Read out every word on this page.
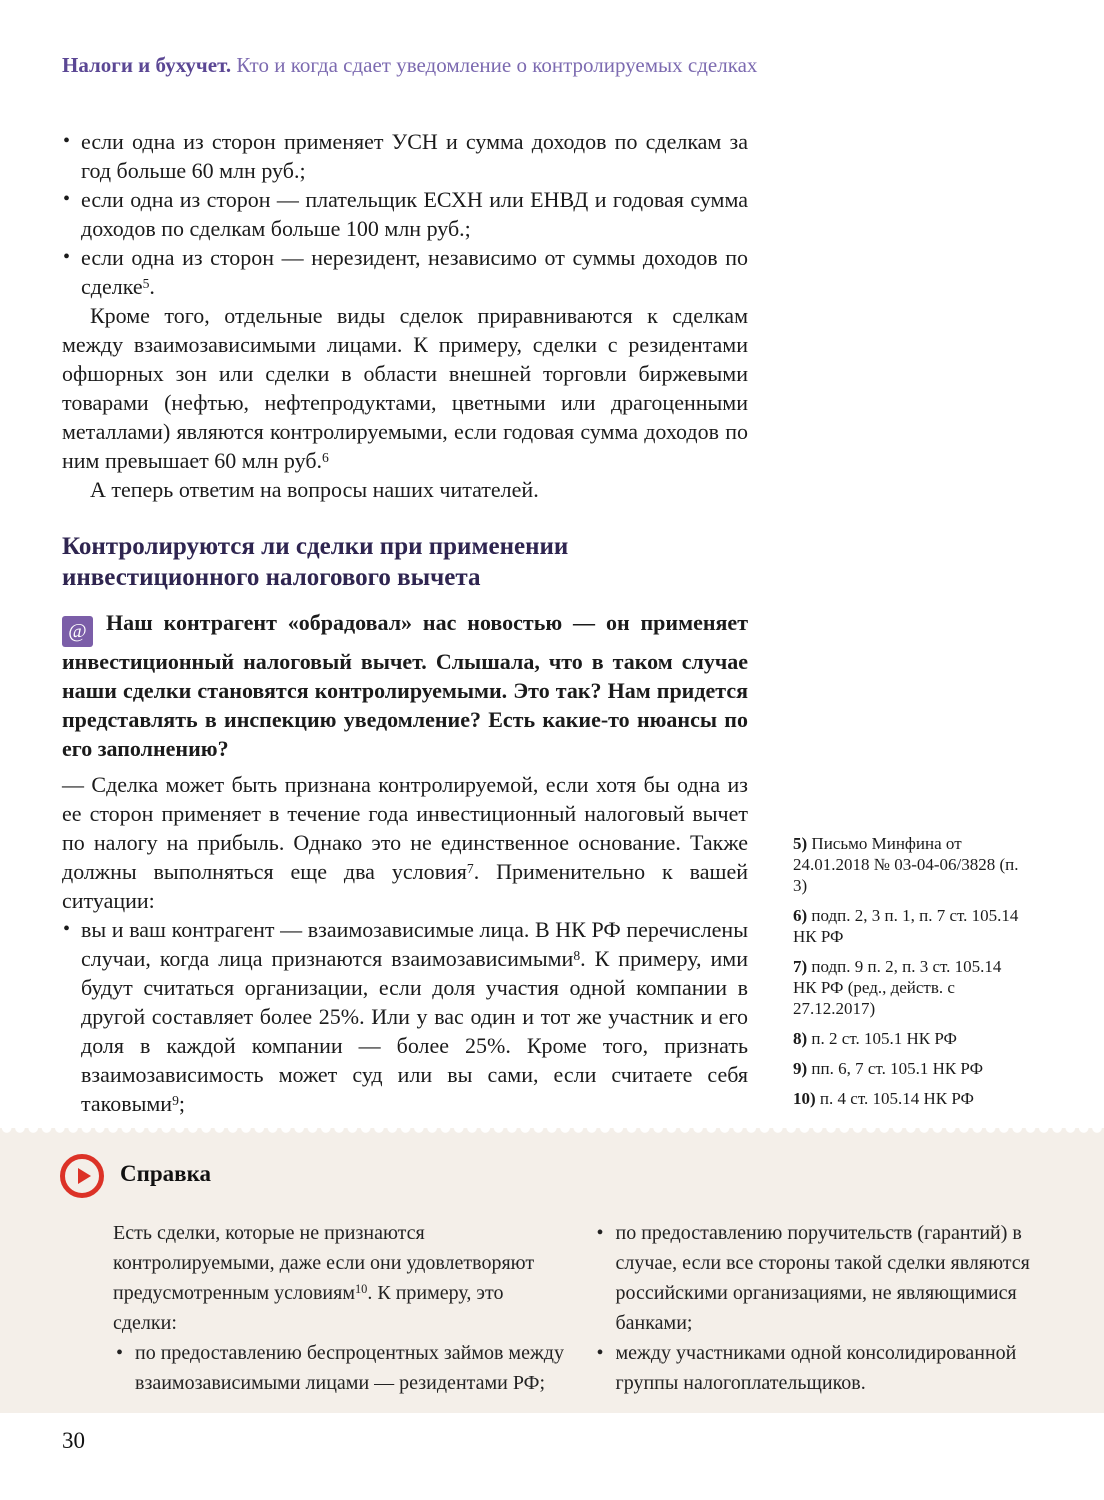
Налоги и бухучет. Кто и когда сдает уведомление о контролируемых сделках
• если одна из сторон применяет УСН и сумма доходов по сделкам за год больше 60 млн руб.;
• если одна из сторон — плательщик ЕСХН или ЕНВД и годовая сумма доходов по сделкам больше 100 млн руб.;
• если одна из сторон — нерезидент, независимо от суммы доходов по сделке$^5$.

Кроме того, отдельные виды сделок приравниваются к сделкам между взаимозависимыми лицами. К примеру, сделки с резидентами офшорных зон или сделки в области внешней торговли биржевыми товарами (нефтью, нефтепродуктами, цветными или драгоценными металлами) являются контролируемыми, если годовая сумма доходов по ним превышает 60 млн руб.$^6$

А теперь ответим на вопросы наших читателей.

Контролируются ли сделки при применении инвестиционного налогового вычета

@ Наш контрагент «обрадовал» нас новостью — он применяет инвестиционный налоговый вычет. Слышала, что в таком случае наши сделки становятся контролируемыми. Это так? Нам придется представлять в инспекцию уведомление? Есть какие-то нюансы по его заполнению?

— Сделка может быть признана контролируемой, если хотя бы одна из ее сторон применяет в течение года инвестиционный налоговый вычет по налогу на прибыль. Однако это не единственное основание. Также должны выполняться еще два условия$^7$. Применительно к вашей ситуации:

• вы и ваш контрагент — взаимозависимые лица. В НК РФ перечислены случаи, когда лица признаются взаимозависимыми$^8$. К примеру, ими будут считаться организации, если доля участия одной компании в другой составляет более 25%. Или у вас один и тот же участник и его доля в каждой компании — более 25%. Кроме того, признать взаимозависимость может суд или вы сами, если считаете себя таковыми$^9$;
5) Письмо Минфина от 24.01.2018 № 03-04-06/3828 (п. 3)
6) подп. 2, 3 п. 1, п. 7 ст. 105.14 НК РФ
7) подп. 9 п. 2, п. 3 ст. 105.14 НК РФ (ред., действ. с 27.12.2017)
8) п. 2 ст. 105.1 НК РФ
9) пп. 6, 7 ст. 105.1 НК РФ
10) п. 4 ст. 105.14 НК РФ
Справка

Есть сделки, которые не признаются контролируемыми, даже если они удовлетворяют предусмотренным условиям$^{10}$. К примеру, это сделки:

• по предоставлению беспроцентных займов между взаимозависимыми лицами — резидентами РФ;
• по предоставлению поручительств (гарантий) в случае, если все стороны такой сделки являются российскими организациями, не являющимися банками;
• между участниками одной консолидированной группы налогоплательщиков.
30
